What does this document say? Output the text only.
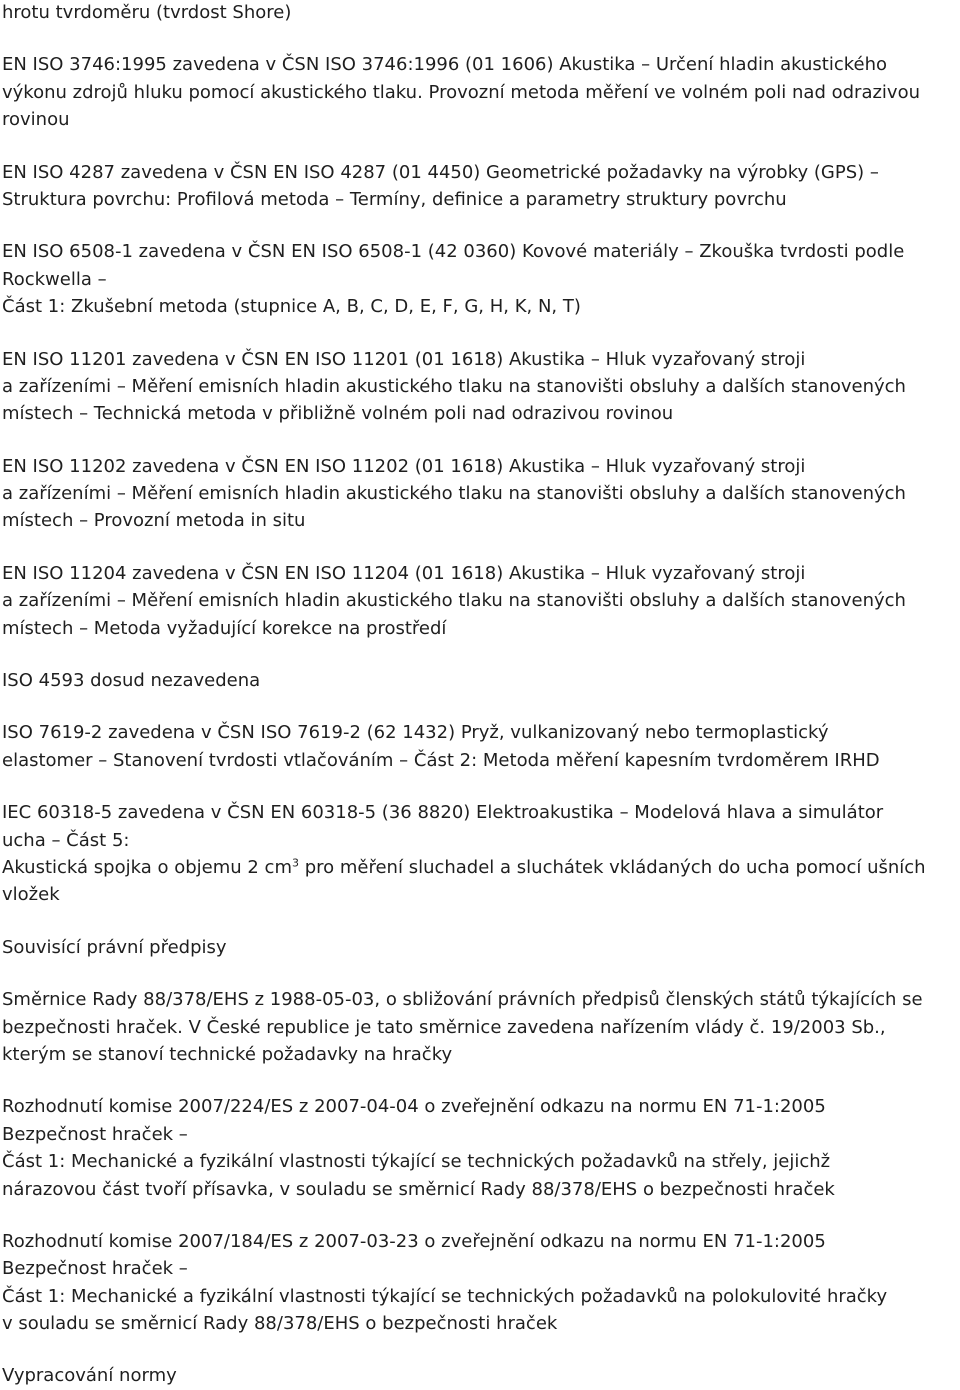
hrotu tvrdoměru (tvrdost Shore)
EN ISO 3746:1995 zavedena v ČSN ISO 3746:1996 (01 1606) Akustika – Určení hladin akustického
výkonu zdrojů hluku pomocí akustického tlaku. Provozní metoda měření ve volném poli nad odrazivou
rovinou
EN ISO 4287 zavedena v ČSN EN ISO 4287 (01 4450) Geometrické požadavky na výrobky (GPS) –
Struktura povrchu: Profilová metoda – Termíny, definice a parametry struktury povrchu
EN ISO 6508-1 zavedena v ČSN EN ISO 6508-1 (42 0360) Kovové materiály – Zkouška tvrdosti podle
Rockwella –
Část 1: Zkušební metoda (stupnice A, B, C, D, E, F, G, H, K, N, T)
EN ISO 11201 zavedena v ČSN EN ISO 11201 (01 1618) Akustika – Hluk vyzařovaný stroji
a zařízeními – Měření emisních hladin akustického tlaku na stanovišti obsluhy a dalších stanovených
místech – Technická metoda v přibližně volném poli nad odrazivou rovinou
EN ISO 11202 zavedena v ČSN EN ISO 11202 (01 1618) Akustika – Hluk vyzařovaný stroji
a zařízeními – Měření emisních hladin akustického tlaku na stanovišti obsluhy a dalších stanovených
místech – Provozní metoda in situ
EN ISO 11204 zavedena v ČSN EN ISO 11204 (01 1618) Akustika – Hluk vyzařovaný stroji
a zařízeními – Měření emisních hladin akustického tlaku na stanovišti obsluhy a dalších stanovených
místech – Metoda vyžadující korekce na prostředí
ISO 4593 dosud nezavedena
ISO 7619-2 zavedena v ČSN ISO 7619-2 (62 1432) Pryž, vulkanizovaný nebo termoplastický
elastomer – Stanovení tvrdosti vtlačováním – Část 2: Metoda měření kapesním tvrdoměrem IRHD
IEC 60318-5 zavedena v ČSN EN 60318-5 (36 8820) Elektroakustika – Modelová hlava a simulátor
ucha – Část 5:
Akustická spojka o objemu 2 $cm^3$ pro měření sluchadel a sluchátek vkládaných do ucha pomocí ušních
vložek
Souvisící právní předpisy
Směrnice Rady 88/378/EHS z 1988-05-03, o sbližování právních předpisů členských států týkajících se
bezpečnosti hraček. V České republice je tato směrnice zavedena nařízením vlády č. 19/2003 Sb.,
kterým se stanoví technické požadavky na hračky
Rozhodnutí komise 2007/224/ES z 2007-04-04 o zveřejnění odkazu na normu EN 71-1:2005
Bezpečnost hraček –
Část 1: Mechanické a fyzikální vlastnosti týkající se technických požadavků na střely, jejichž
nárazovou část tvoří přísavka, v souladu se směrnicí Rady 88/378/EHS o bezpečnosti hraček
Rozhodnutí komise 2007/184/ES z 2007-03-23 o zveřejnění odkazu na normu EN 71-1:2005
Bezpečnost hraček –
Část 1: Mechanické a fyzikální vlastnosti týkající se technických požadavků na polokulovité hračky
v souladu se směrnicí Rady 88/378/EHS o bezpečnosti hraček
Vypracování normy
